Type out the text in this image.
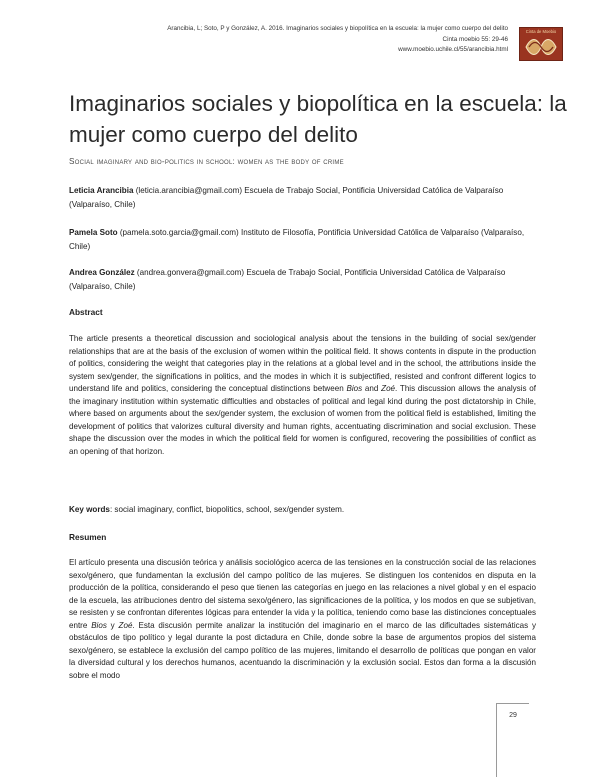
Arancibia, L; Soto, P y González, A. 2016. Imaginarios sociales y biopolítica en la escuela: la mujer como cuerpo del delito
Cinta moebio 55: 29-46
www.moebio.uchile.cl/55/arancibia.html
Cinta de Moebio
Imaginarios sociales y biopolítica en la escuela: la mujer como cuerpo del delito
Social imaginary and bio-politics in school: women as the body of crime
Leticia Arancibia (leticia.arancibia@gmail.com) Escuela de Trabajo Social, Pontificia Universidad Católica de Valparaíso (Valparaíso, Chile)
Pamela Soto (pamela.soto.garcia@gmail.com) Instituto de Filosofía, Pontificia Universidad Católica de Valparaíso (Valparaíso, Chile)
Andrea González (andrea.gonvera@gmail.com) Escuela de Trabajo Social, Pontificia Universidad Católica de Valparaíso (Valparaíso, Chile)
Abstract
The article presents a theoretical discussion and sociological analysis about the tensions in the building of social sex/gender relationships that are at the basis of the exclusion of women within the political field. It shows contents in dispute in the production of politics, considering the weight that categories play in the relations at a global level and in the school, the attributions inside the system sex/gender, the significations in politics, and the modes in which it is subjectified, resisted and confront different logics to understand life and politics, considering the conceptual distinctions between Bios and Zoé. This discussion allows the analysis of the imaginary institution within systematic difficulties and obstacles of political and legal kind during the post dictatorship in Chile, where based on arguments about the sex/gender system, the exclusion of women from the political field is established, limiting the development of politics that valorizes cultural diversity and human rights, accentuating discrimination and social exclusion. These shape the discussion over the modes in which the political field for women is configured, recovering the possibilities of conflict as an opening of that horizon.
Key words: social imaginary, conflict, biopolitics, school, sex/gender system.
Resumen
El artículo presenta una discusión teórica y análisis sociológico acerca de las tensiones en la construcción social de las relaciones sexo/género, que fundamentan la exclusión del campo político de las mujeres. Se distinguen los contenidos en disputa en la producción de la política, considerando el peso que tienen las categorías en juego en las relaciones a nivel global y en el espacio de la escuela, las atribuciones dentro del sistema sexo/género, las significaciones de la política, y los modos en que se subjetivan, se resisten y se confrontan diferentes lógicas para entender la vida y la política, teniendo como base las distinciones conceptuales entre Bios y Zoé. Esta discusión permite analizar la institución del imaginario en el marco de las dificultades sistemáticas y obstáculos de tipo político y legal durante la post dictadura en Chile, donde sobre la base de argumentos propios del sistema sexo/género, se establece la exclusión del campo político de las mujeres, limitando el desarrollo de políticas que pongan en valor la diversidad cultural y los derechos humanos, acentuando la discriminación y la exclusión social. Estos dan forma a la discusión sobre el modo
29
